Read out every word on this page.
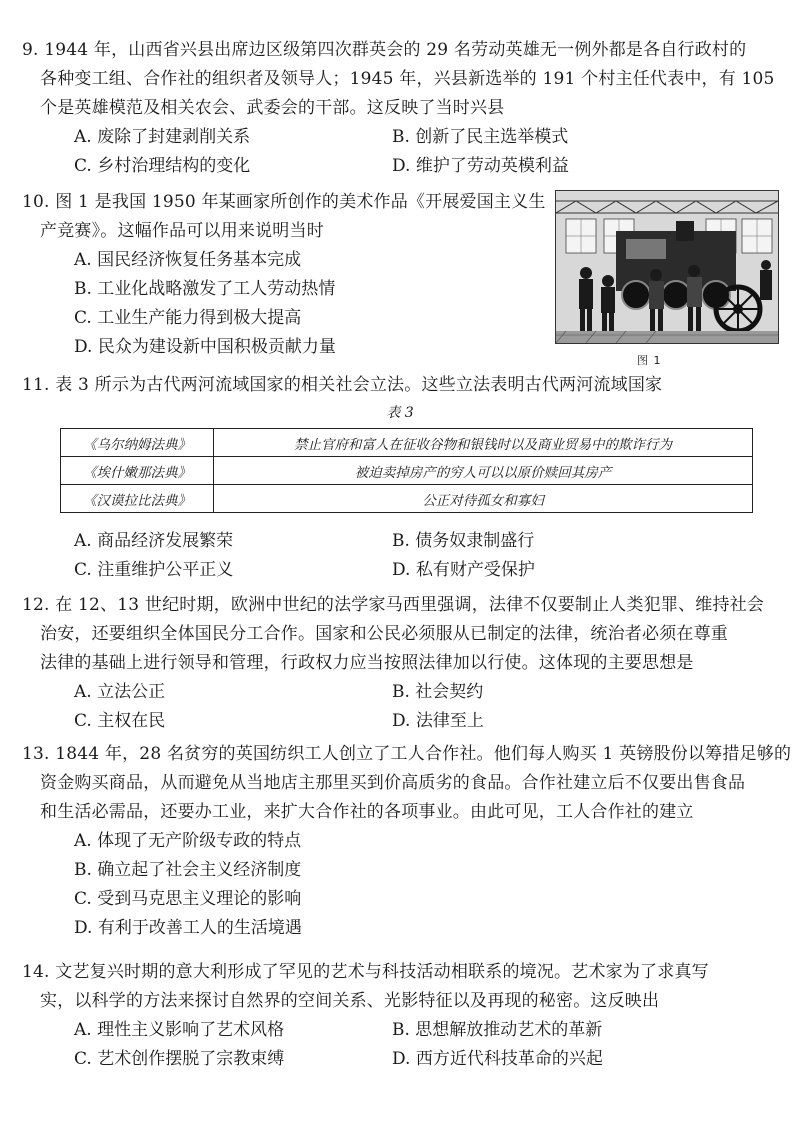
9. 1944 年，山西省兴县出席边区级第四次群英会的 29 名劳动英雄无一例外都是各自行政村的
各种变工组、合作社的组织者及领导人；1945 年，兴县新选举的 191 个村主任代表中，有 105
个是英雄模范及相关农会、武委会的干部。这反映了当时兴县
A. 废除了封建剥削关系	B. 创新了民主选举模式
C. 乡村治理结构的变化	D. 维护了劳动英模利益
10. 图 1 是我国 1950 年某画家所创作的美术作品《开展爱国主义生
产竞赛》。这幅作品可以用来说明当时
A. 国民经济恢复任务基本完成
B. 工业化战略激发了工人劳动热情
C. 工业生产能力得到极大提高
D. 民众为建设新中国积极贡献力量
图 1
11. 表 3 所示为古代两河流域国家的相关社会立法。这些立法表明古代两河流域国家
表 3
《乌尔纳姆法典》	禁止官府和富人在征收谷物和银钱时以及商业贸易中的欺诈行为
《埃什嫩那法典》	被迫卖掉房产的穷人可以以原价赎回其房产
《汉谟拉比法典》	公正对待孤女和寡妇
A. 商品经济发展繁荣	B. 债务奴隶制盛行
C. 注重维护公平正义	D. 私有财产受保护
12. 在 12、13 世纪时期，欧洲中世纪的法学家马西里强调，法律不仅要制止人类犯罪、维持社会
治安，还要组织全体国民分工合作。国家和公民必须服从已制定的法律，统治者必须在尊重
法律的基础上进行领导和管理，行政权力应当按照法律加以行使。这体现的主要思想是
A. 立法公正	B. 社会契约
C. 主权在民	D. 法律至上
13. 1844 年，28 名贫穷的英国纺织工人创立了工人合作社。他们每人购买 1 英镑股份以筹措足够的
资金购买商品，从而避免从当地店主那里买到价高质劣的食品。合作社建立后不仅要出售食品
和生活必需品，还要办工业，来扩大合作社的各项事业。由此可见，工人合作社的建立
A. 体现了无产阶级专政的特点
B. 确立起了社会主义经济制度
C. 受到马克思主义理论的影响
D. 有利于改善工人的生活境遇
14. 文艺复兴时期的意大利形成了罕见的艺术与科技活动相联系的境况。艺术家为了求真写
实，以科学的方法来探讨自然界的空间关系、光影特征以及再现的秘密。这反映出
A. 理性主义影响了艺术风格	B. 思想解放推动艺术的革新
C. 艺术创作摆脱了宗教束缚	D. 西方近代科技革命的兴起
